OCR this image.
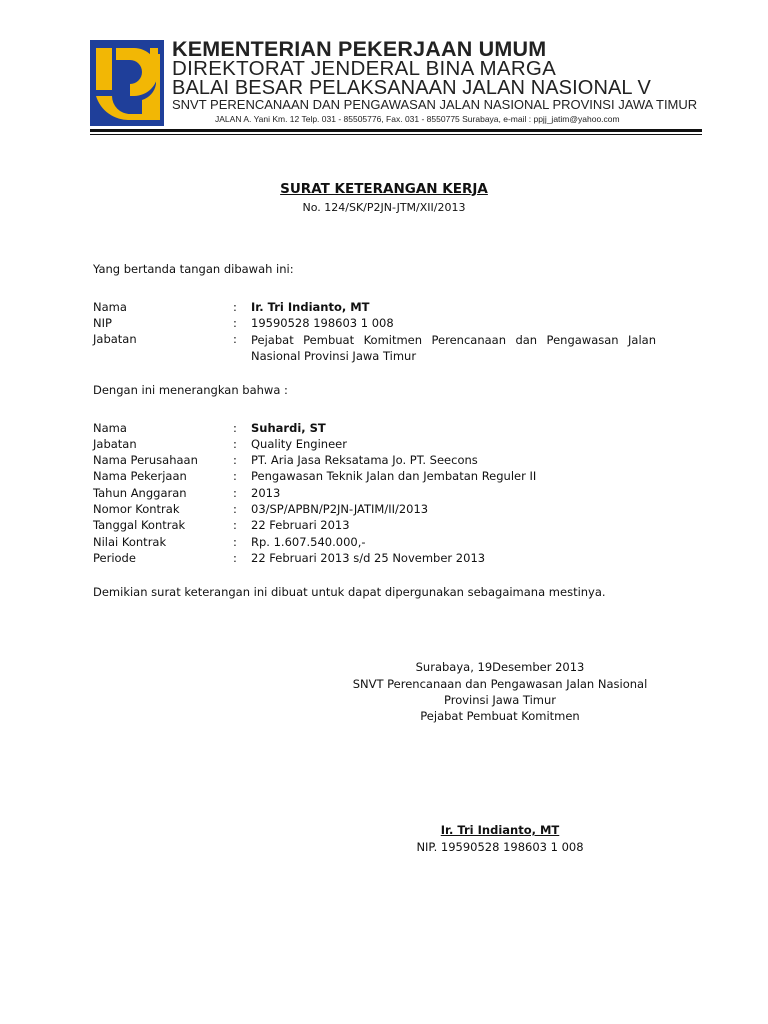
KEMENTERIAN PEKERJAAN UMUM
DIREKTORAT JENDERAL BINA MARGA
BALAI BESAR PELAKSANAAN JALAN NASIONAL V
SNVT PERENCANAAN DAN PENGAWASAN JALAN NASIONAL PROVINSI JAWA TIMUR
JALAN A. Yani Km. 12 Telp. 031 - 85505776, Fax. 031 - 8550775 Surabaya, e-mail : ppjj_jatim@yahoo.com
SURAT KETERANGAN KERJA
No. 124/SK/P2JN-JTM/XII/2013
Yang bertanda tangan dibawah ini:
Nama	: Ir. Tri Indianto, MT
NIP	: 19590528 198603 1 008
Jabatan	: Pejabat Pembuat Komitmen Perencanaan dan Pengawasan Jalan Nasional Provinsi Jawa Timur
Dengan ini menerangkan bahwa :
Nama	: Suhardi, ST
Jabatan	: Quality Engineer
Nama Perusahaan	: PT. Aria Jasa Reksatama Jo. PT. Seecons
Nama Pekerjaan	: Pengawasan Teknik Jalan dan Jembatan Reguler II
Tahun Anggaran	: 2013
Nomor Kontrak	: 03/SP/APBN/P2JN-JATIM/II/2013
Tanggal Kontrak	: 22 Februari 2013
Nilai Kontrak	: Rp. 1.607.540.000,-
Periode	: 22 Februari 2013 s/d 25 November 2013
Demikian surat keterangan ini dibuat untuk dapat dipergunakan sebagaimana mestinya.
Surabaya, 19Desember 2013
SNVT Perencanaan dan Pengawasan Jalan Nasional
Provinsi Jawa Timur
Pejabat Pembuat Komitmen
Ir. Tri Indianto, MT
NIP. 19590528 198603 1 008
